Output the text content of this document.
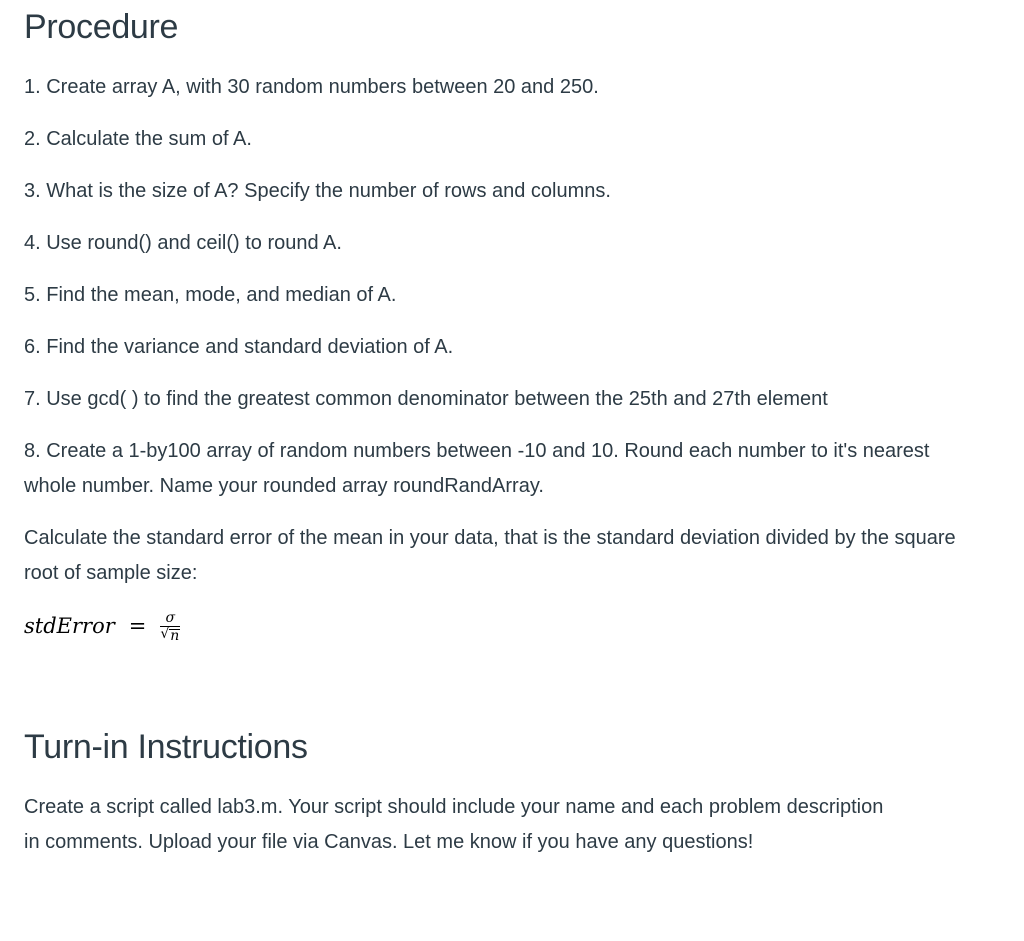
Procedure

1. Create array A, with 30 random numbers between 20 and 250.

2. Calculate the sum of A.

3. What is the size of A? Specify the number of rows and columns.

4. Use round() and ceil() to round A.

5. Find the mean, mode, and median of A.

6. Find the variance and standard deviation of A.

7. Use gcd( ) to find the greatest common denominator between the 25th and 27th element

8. Create a 1-by100 array of random numbers between -10 and 10. Round each number to it's nearest whole number. Name your rounded array roundRandArray.

Calculate the standard error of the mean in your data, that is the standard deviation divided by the square root of sample size:

stdError = $\frac{\sigma}{√ n}$
Turn-in Instructions

Create a script called lab3.m. Your script should include your name and each problem description in comments. Upload your file via Canvas. Let me know if you have any questions!
